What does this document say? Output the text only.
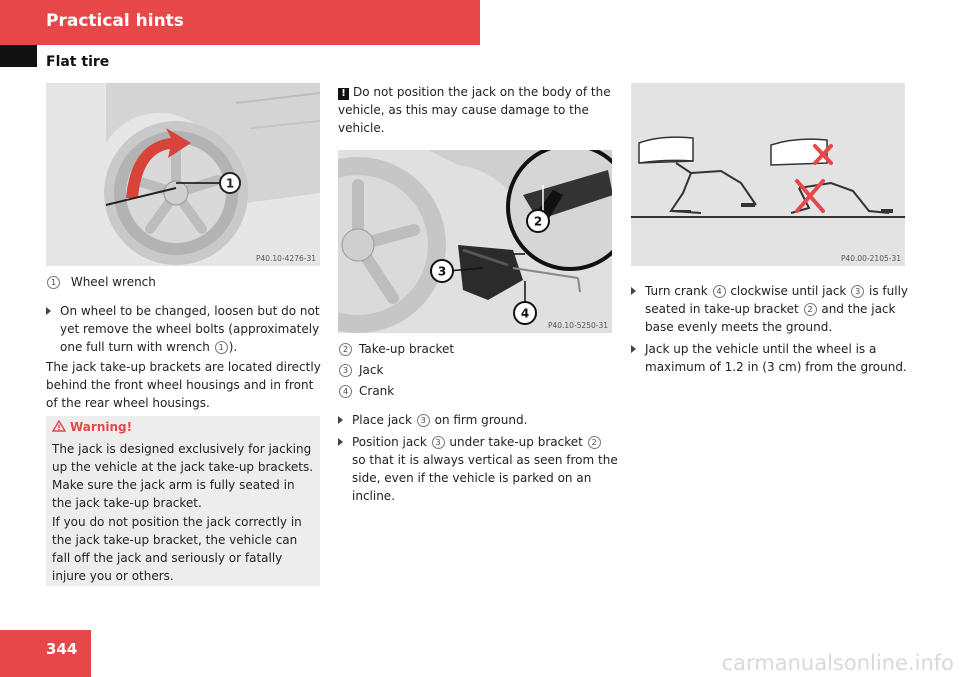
Practical hints
Flat tire
1
P40.10-4276-31
1 Wheel wrench
On wheel to be changed, loosen but do not yet remove the wheel bolts (approximately one full turn with wrench 1 ).
The jack take-up brackets are located directly behind the front wheel housings and in front of the rear wheel housings.
Warning!
The jack is designed exclusively for jacking up the vehicle at the jack take-up brackets. Make sure the jack arm is fully seated in the jack take-up bracket.
If you do not position the jack correctly in the jack take-up bracket, the vehicle can fall off the jack and seriously or fatally injure you or others.
! Do not position the jack on the body of the vehicle, as this may cause damage to the vehicle.
2
3
4
P40.10-5250-31
2 Take-up bracket
3 Jack
4 Crank
Place jack 3 on firm ground.
Position jack 3 under take-up bracket 2 so that it is always vertical as seen from the side, even if the vehicle is parked on an incline.
P40.00-2105-31
Turn crank 4 clockwise until jack 3 is fully seated in take-up bracket 2 and the jack base evenly meets the ground.
Jack up the vehicle until the wheel is a maximum of 1.2 in (3 cm) from the ground.
344
carmanualsonline.info
